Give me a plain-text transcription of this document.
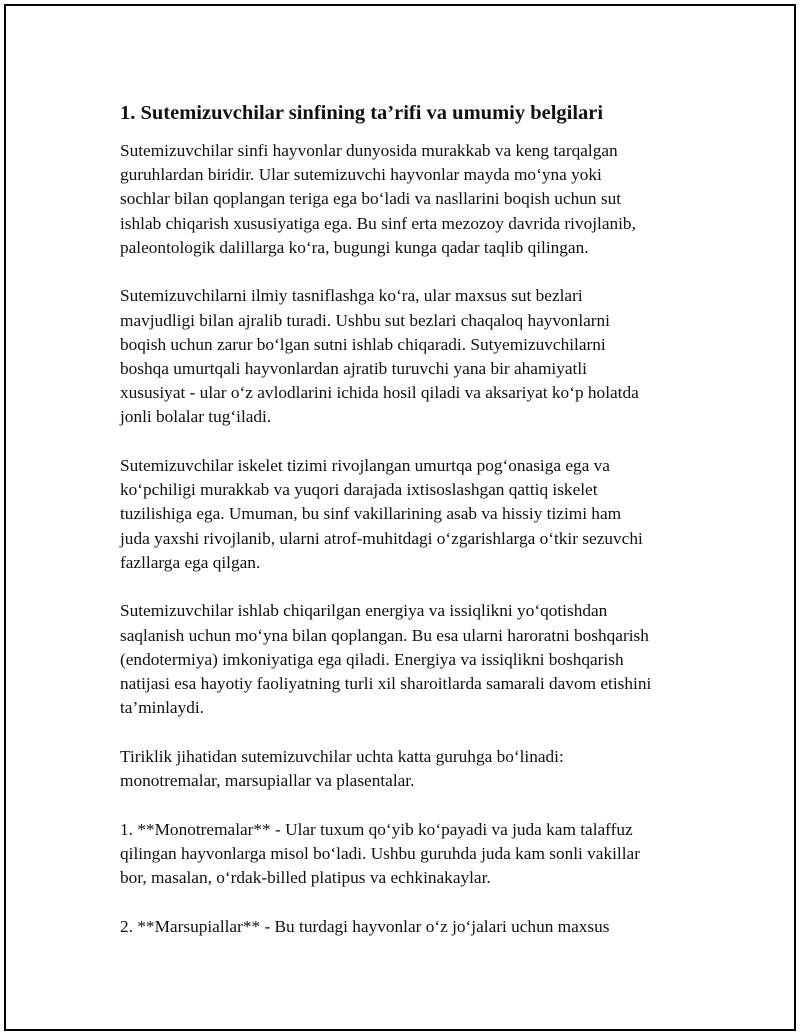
1. Sutemizuvchilar sinfining ta’rifi va umumiy belgilari

Sutemizuvchilar sinfi hayvonlar dunyosida murakkab va keng tarqalgan
guruhlardan biridir. Ular sutemizuvchi hayvonlar mayda mo‘yna yoki
sochlar bilan qoplangan teriga ega bo‘ladi va nasllarini boqish uchun sut
ishlab chiqarish xususiyatiga ega. Bu sinf erta mezozoy davrida rivojlanib,
paleontologik dalillarga ko‘ra, bugungi kunga qadar taqlib qilingan.

Sutemizuvchilarni ilmiy tasniflashga ko‘ra, ular maxsus sut bezlari
mavjudligi bilan ajralib turadi. Ushbu sut bezlari chaqaloq hayvonlarni
boqish uchun zarur bo‘lgan sutni ishlab chiqaradi. Sutyemizuvchilarni
boshqa umurtqali hayvonlardan ajratib turuvchi yana bir ahamiyatli
xususiyat - ular o‘z avlodlarini ichida hosil qiladi va aksariyat ko‘p holatda
jonli bolalar tug‘iladi.

Sutemizuvchilar iskelet tizimi rivojlangan umurtqa pog‘onasiga ega va
ko‘pchiligi murakkab va yuqori darajada ixtisoslashgan qattiq iskelet
tuzilishiga ega. Umuman, bu sinf vakillarining asab va hissiy tizimi ham
juda yaxshi rivojlanib, ularni atrof-muhitdagi o‘zgarishlarga o‘tkir sezuvchi
fazllarga ega qilgan.

Sutemizuvchilar ishlab chiqarilgan energiya va issiqlikni yo‘qotishdan
saqlanish uchun mo‘yna bilan qoplangan. Bu esa ularni haroratni boshqarish
(endotermiya) imkoniyatiga ega qiladi. Energiya va issiqlikni boshqarish
natijasi esa hayotiy faoliyatning turli xil sharoitlarda samarali davom etishini
ta’minlaydi.

Tiriklik jihatidan sutemizuvchilar uchta katta guruhga bo‘linadi:
monotremalar, marsupiallar va plasentalar.

1. **Monotremalar** - Ular tuxum qo‘yib ko‘payadi va juda kam talaffuz
qilingan hayvonlarga misol bo‘ladi. Ushbu guruhda juda kam sonli vakillar
bor, masalan, o‘rdak-billed platipus va echkinakaylar.

2. **Marsupiallar** - Bu turdagi hayvonlar o‘z jo‘jalari uchun maxsus
